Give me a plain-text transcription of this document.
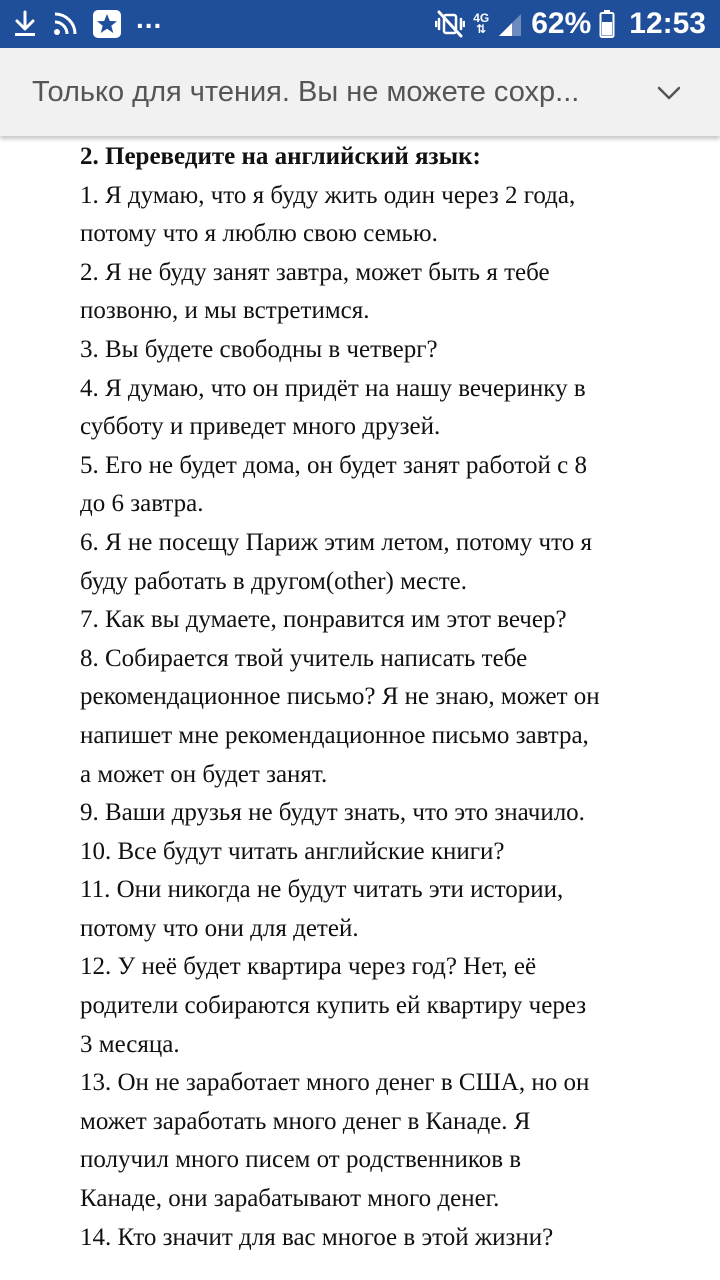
...	4G
⇅ 62% 12:53
Только для чтения. Вы не можете сохр...
2. Переведите на английский язык:
1. Я думаю, что я буду жить один через 2 года,
потому что я люблю свою семью.
2. Я не буду занят завтра, может быть я тебе
позвоню, и мы встретимся.
3. Вы будете свободны в четверг?
4. Я думаю, что он придёт на нашу вечеринку в
субботу и приведет много друзей.
5. Его не будет дома, он будет занят работой с 8
до 6 завтра.
6. Я не посещу Париж этим летом, потому что я
буду работать в другом(other) месте.
7. Как вы думаете, понравится им этот вечер?
8. Собирается твой учитель написать тебе
рекомендационное письмо? Я не знаю, может он
напишет мне рекомендационное письмо завтра,
а может он будет занят.
9. Ваши друзья не будут знать, что это значило.
10. Все будут читать английские книги?
11. Они никогда не будут читать эти истории,
потому что они для детей.
12. У неё будет квартира через год? Нет, её
родители собираются купить ей квартиру через
3 месяца.
13. Он не заработает много денег в США, но он
может заработать много денег в Канаде. Я
получил много писем от родственников в
Канаде, они зарабатывают много денег.
14. Кто значит для вас многое в этой жизни?
